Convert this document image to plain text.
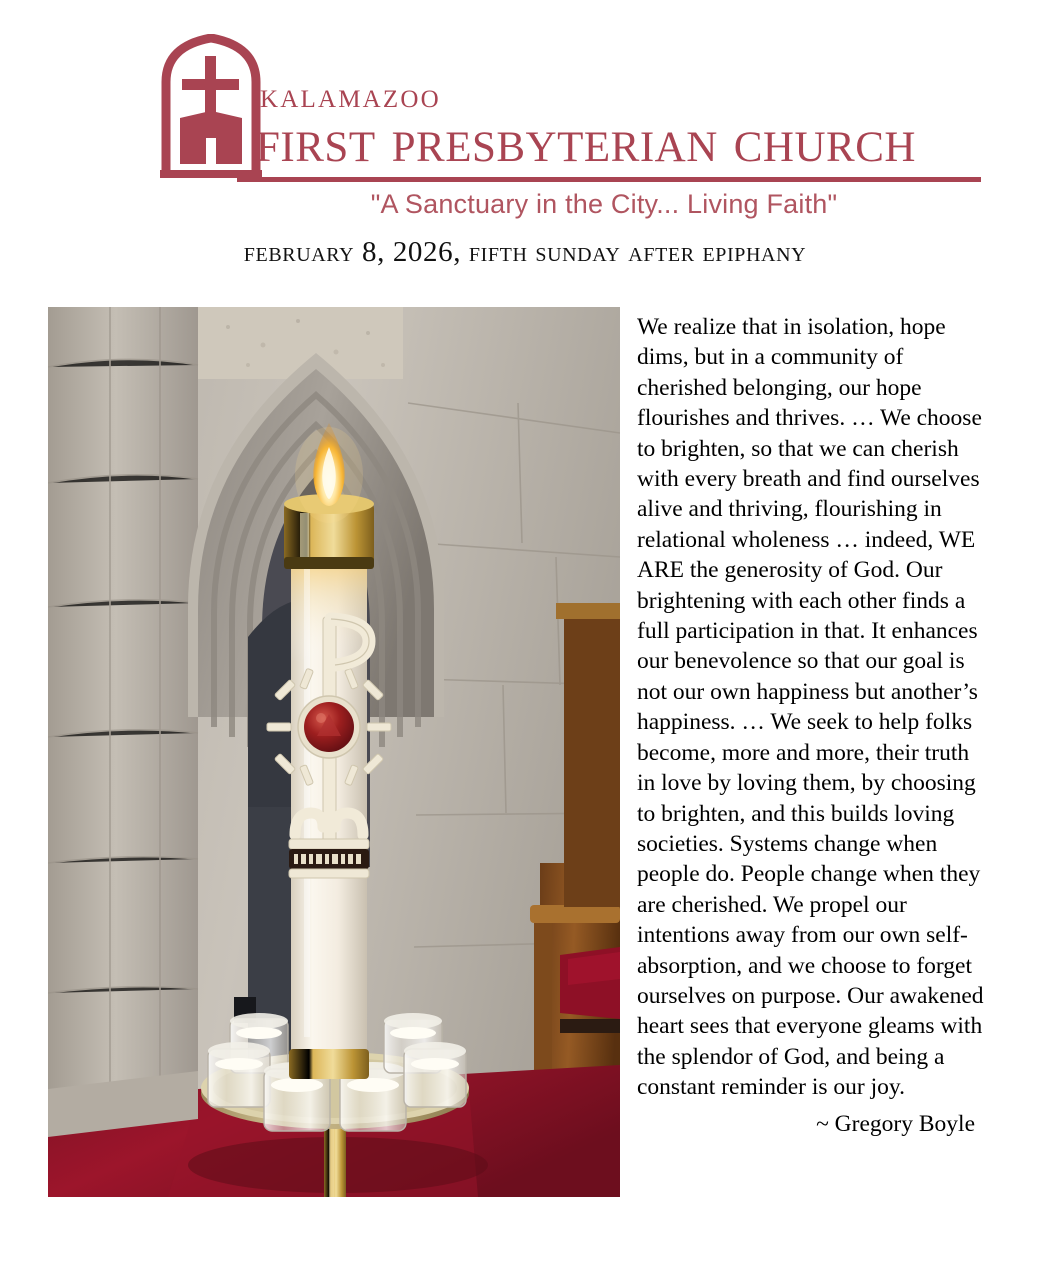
kalamazoo
first presbyterian church
"A Sanctuary in the City... Living Faith"
february 8, 2026, fifth sunday after epiphany

We realize that in isolation, hope dims, but in a community of cherished belonging, our hope flourishes and thrives. … We choose to brighten, so that we can cherish with every breath and find ourselves alive and thriving, flourishing in relational wholeness … indeed, WE ARE the generosity of God. Our brightening with each other finds a full participation in that. It enhances our benevolence so that our goal is not our own happiness but another’s happiness. … We seek to help folks become, more and more, their truth in love by loving them, by choosing to brighten, and this builds loving societies. Systems change when people do. People change when they are cherished. We propel our intentions away from our own self-absorption, and we choose to forget ourselves on purpose. Our awakened heart sees that everyone gleams with the splendor of God, and being a constant reminder is our joy.

~ Gregory Boyle
